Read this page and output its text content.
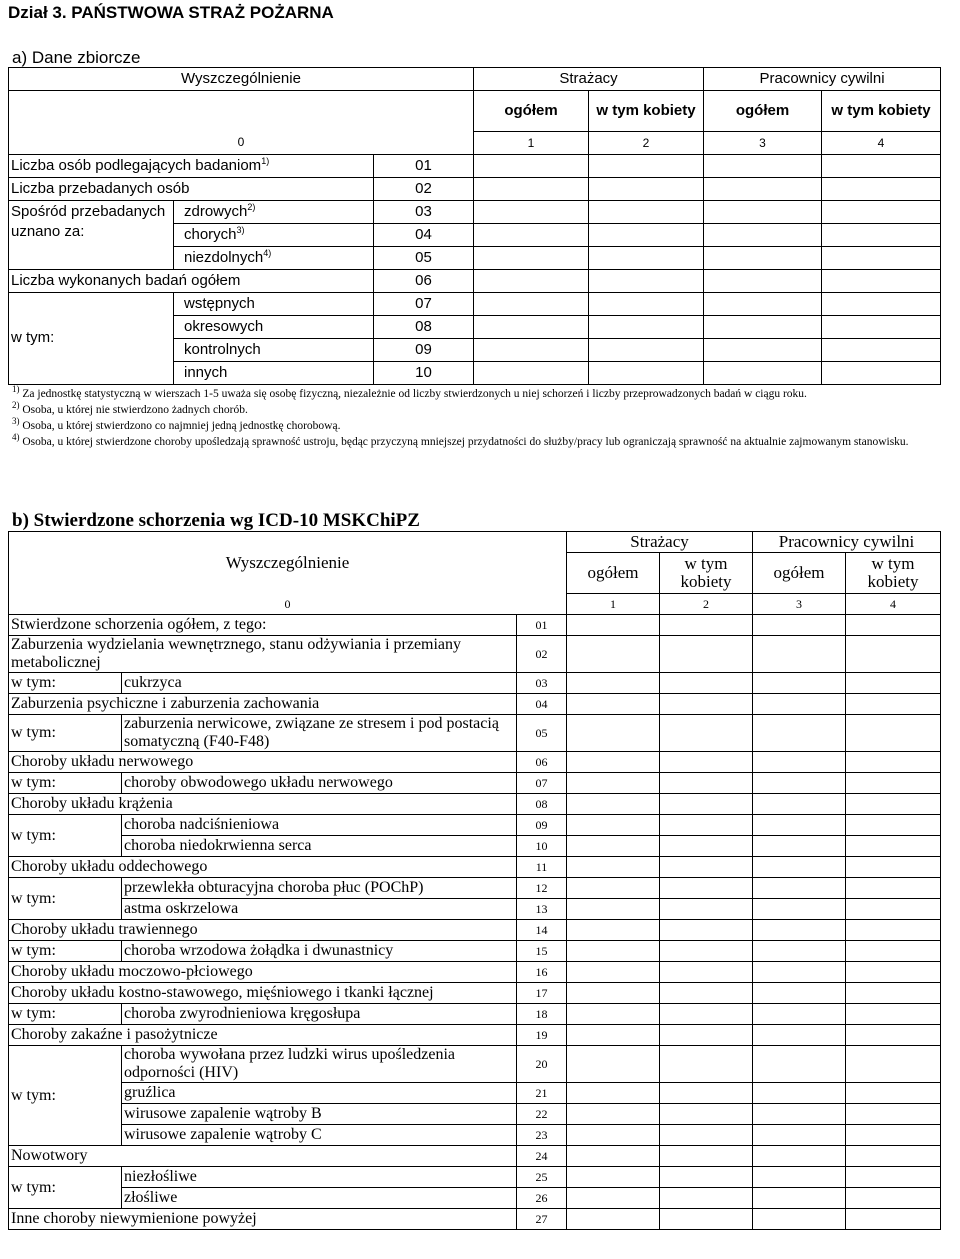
Dział 3. PAŃSTWOWA STRAŻ POŻARNA
a) Dane zbiorcze
Wyszczególnienie			Strażacy		Pracownicy cywilni	
			ogółem	w tym kobiety	ogółem	w tym kobiety
0			1	2	3	4
Liczba osób podlegających badaniom$^{1)}$		01				
Liczba przebadanych osób		02				
Spośród przebadanych uznano za:	zdrowych$^{2)}$	03				
	chorych$^{3)}$	04				
	niezdolnych$^{4)}$	05				
Liczba wykonanych badań ogółem		06				
w tym:	wstępnych	07				
	okresowych	08				
	kontrolnych	09				
	innych	10				

$^{1)}$ Za jednostkę statystyczną w wierszach 1-5 uważa się osobę fizyczną, niezależnie od liczby stwierdzonych u niej schorzeń i liczby przeprowadzonych badań w ciągu roku.

$^{2)}$ Osoba, u której nie stwierdzono żadnych chorób.

$^{3)}$ Osoba, u której stwierdzono co najmniej jedną jednostkę chorobową.

$^{4)}$ Osoba, u której stwierdzone choroby upośledzają sprawność ustroju, będąc przyczyną mniejszej przydatności do służby/pracy lub ograniczają sprawność na aktualnie zajmowanym stanowisku.

b) Stwierdzone schorzenia wg ICD-10 MSKChiPZ
Wyszczególnienie			Strażacy		Pracownicy cywilni	
			ogółem	w tym kobiety	ogółem	w tym kobiety
0			1	2	3	4
Stwierdzone schorzenia ogółem, z tego:		01				
Zaburzenia wydzielania wewnętrznego, stanu odżywiania i przemiany metabolicznej		02				
w tym:	cukrzyca	03				
Zaburzenia psychiczne i zaburzenia zachowania		04				
w tym:	zaburzenia nerwicowe, związane ze stresem i pod postacią somatyczną (F40-F48)	05				
Choroby układu nerwowego		06				
w tym:	choroby obwodowego układu nerwowego	07				
Choroby układu krążenia		08				
w tym:	choroba nadciśnieniowa	09				
	choroba niedokrwienna serca	10				
Choroby układu oddechowego		11				
w tym:	przewlekła obturacyjna choroba płuc (POChP)	12				
	astma oskrzelowa	13				
Choroby układu trawiennego		14				
w tym:	choroba wrzodowa żołądka i dwunastnicy	15				
Choroby układu moczowo-płciowego		16				
Choroby układu kostno-stawowego, mięśniowego i tkanki łącznej		17				
w tym:	choroba zwyrodnieniowa kręgosłupa	18				
Choroby zakaźne i pasożytnicze		19				
w tym:	choroba wywołana przez ludzki wirus upośledzenia odporności (HIV)	20				
	gruźlica	21				
	wirusowe zapalenie wątroby B	22				
	wirusowe zapalenie wątroby C	23				
Nowotwory		24				
w tym:	niezłośliwe	25				
	złośliwe	26				
Inne choroby niewymienione powyżej		27				
